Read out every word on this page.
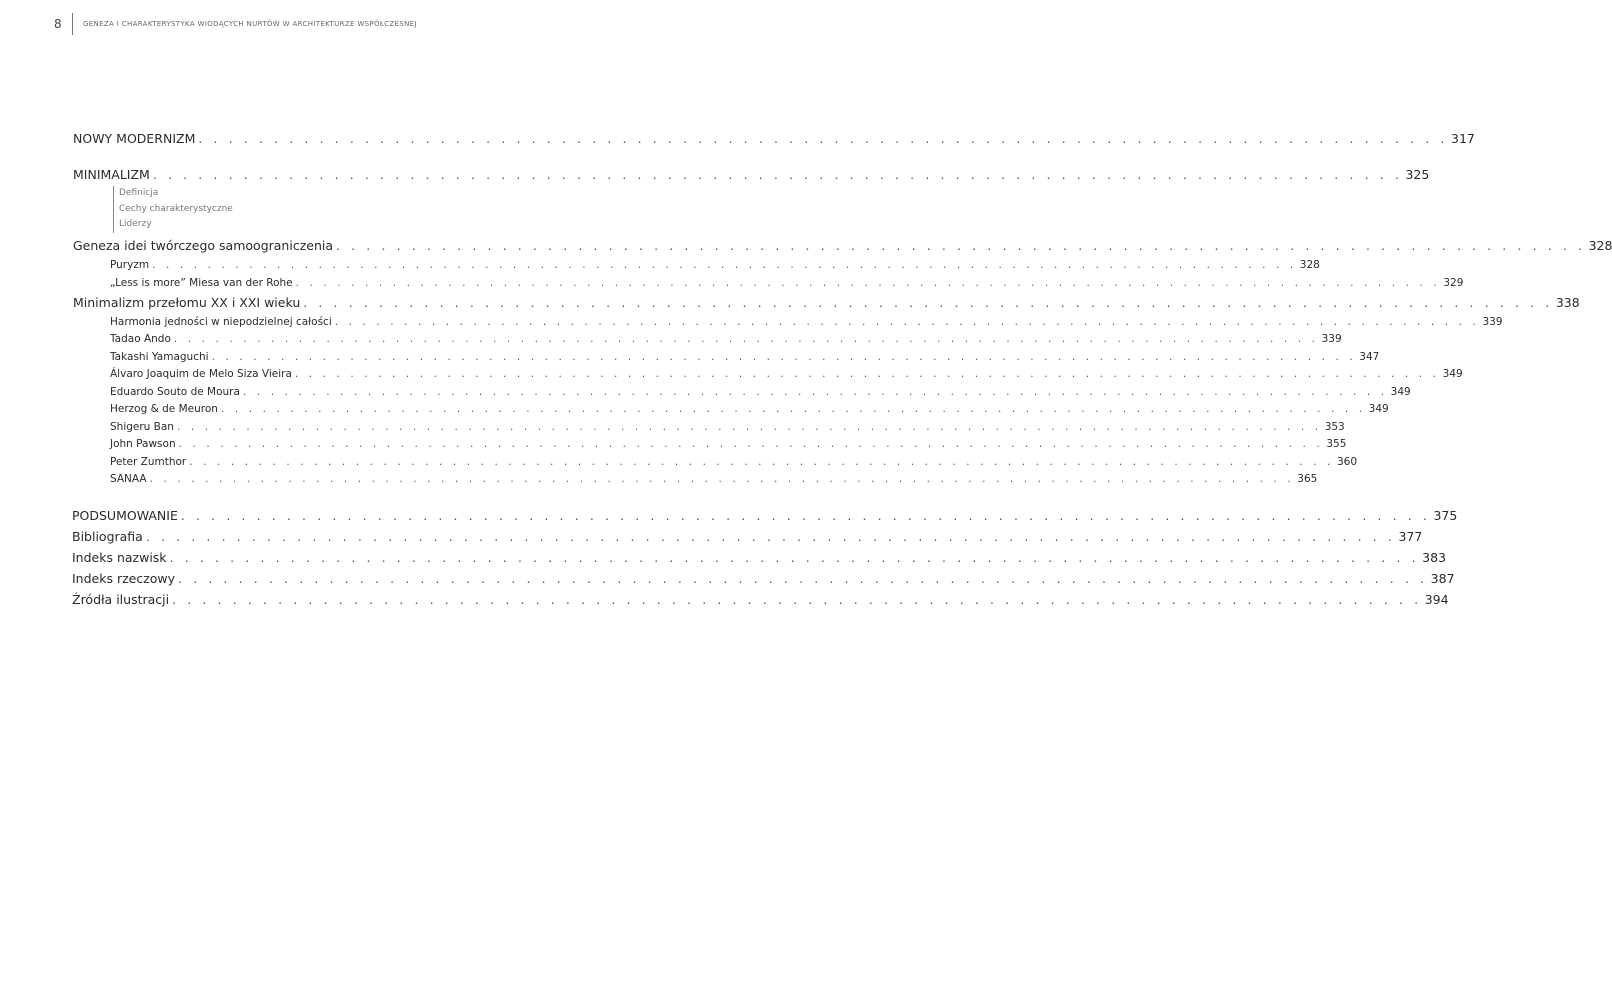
8	GENEZA I CHARAKTERYSTYKA WIODĄCYCH NURTÓW W ARCHITEKTURZE WSPÓŁCZESNEJ
NOWY MODERNIZM . . . . . . . . . . . . . . . . . . . . . . . . . . . . . . . . . . . . . . . . . . . . . . . . . . . . . . . . . . . . . . . . . . . . . . . . . . . . . . . . . . . 317
MINIMALIZM . . . . . . . . . . . . . . . . . . . . . . . . . . . . . . . . . . . . . . . . . . . . . . . . . . . . . . . . . . . . . . . . . . . . . . . . . . . . . . . . . . . 325
Definicja
Cechy charakterystyczne
Liderzy
Geneza idei twórczego samoograniczenia . . . . . . . . . . . . . . . . . . . . . . . . . . . . . . . . . . . . . . . . . . . . . . . . . . . . . . . . . . . . . . . . . . . . . . . . . . . . . . . . . . . 328
Puryzm . . . . . . . . . . . . . . . . . . . . . . . . . . . . . . . . . . . . . . . . . . . . . . . . . . . . . . . . . . . . . . . . . . . . . . . . . . . . . . . . . . . 328
„Less is more” Miesa van der Rohe . . . . . . . . . . . . . . . . . . . . . . . . . . . . . . . . . . . . . . . . . . . . . . . . . . . . . . . . . . . . . . . . . . . . . . . . . . . . . . . . . . . 329
Minimalizm przełomu XX i XXI wieku . . . . . . . . . . . . . . . . . . . . . . . . . . . . . . . . . . . . . . . . . . . . . . . . . . . . . . . . . . . . . . . . . . . . . . . . . . . . . . . . . . . 338
Harmonia jedności w niepodzielnej całości . . . . . . . . . . . . . . . . . . . . . . . . . . . . . . . . . . . . . . . . . . . . . . . . . . . . . . . . . . . . . . . . . . . . . . . . . . . . . . . . . . . 339
Tadao Ando . . . . . . . . . . . . . . . . . . . . . . . . . . . . . . . . . . . . . . . . . . . . . . . . . . . . . . . . . . . . . . . . . . . . . . . . . . . . . . . . . . . 339
Takashi Yamaguchi . . . . . . . . . . . . . . . . . . . . . . . . . . . . . . . . . . . . . . . . . . . . . . . . . . . . . . . . . . . . . . . . . . . . . . . . . . . . . . . . . . . 347
Álvaro Joaquim de Melo Siza Vieira . . . . . . . . . . . . . . . . . . . . . . . . . . . . . . . . . . . . . . . . . . . . . . . . . . . . . . . . . . . . . . . . . . . . . . . . . . . . . . . . . . . 349
Eduardo Souto de Moura . . . . . . . . . . . . . . . . . . . . . . . . . . . . . . . . . . . . . . . . . . . . . . . . . . . . . . . . . . . . . . . . . . . . . . . . . . . . . . . . . . . 349
Herzog & de Meuron . . . . . . . . . . . . . . . . . . . . . . . . . . . . . . . . . . . . . . . . . . . . . . . . . . . . . . . . . . . . . . . . . . . . . . . . . . . . . . . . . . . 349
Shigeru Ban . . . . . . . . . . . . . . . . . . . . . . . . . . . . . . . . . . . . . . . . . . . . . . . . . . . . . . . . . . . . . . . . . . . . . . . . . . . . . . . . . . . 353
John Pawson . . . . . . . . . . . . . . . . . . . . . . . . . . . . . . . . . . . . . . . . . . . . . . . . . . . . . . . . . . . . . . . . . . . . . . . . . . . . . . . . . . . 355
Peter Zumthor . . . . . . . . . . . . . . . . . . . . . . . . . . . . . . . . . . . . . . . . . . . . . . . . . . . . . . . . . . . . . . . . . . . . . . . . . . . . . . . . . . . 360
SANAA . . . . . . . . . . . . . . . . . . . . . . . . . . . . . . . . . . . . . . . . . . . . . . . . . . . . . . . . . . . . . . . . . . . . . . . . . . . . . . . . . . . 365
PODSUMOWANIE . . . . . . . . . . . . . . . . . . . . . . . . . . . . . . . . . . . . . . . . . . . . . . . . . . . . . . . . . . . . . . . . . . . . . . . . . . . . . . . . . . . 375
Bibliografia . . . . . . . . . . . . . . . . . . . . . . . . . . . . . . . . . . . . . . . . . . . . . . . . . . . . . . . . . . . . . . . . . . . . . . . . . . . . . . . . . . . 377
Indeks nazwisk . . . . . . . . . . . . . . . . . . . . . . . . . . . . . . . . . . . . . . . . . . . . . . . . . . . . . . . . . . . . . . . . . . . . . . . . . . . . . . . . . . . 383
Indeks rzeczowy . . . . . . . . . . . . . . . . . . . . . . . . . . . . . . . . . . . . . . . . . . . . . . . . . . . . . . . . . . . . . . . . . . . . . . . . . . . . . . . . . . . 387
Źródła ilustracji . . . . . . . . . . . . . . . . . . . . . . . . . . . . . . . . . . . . . . . . . . . . . . . . . . . . . . . . . . . . . . . . . . . . . . . . . . . . . . . . . . . 394
